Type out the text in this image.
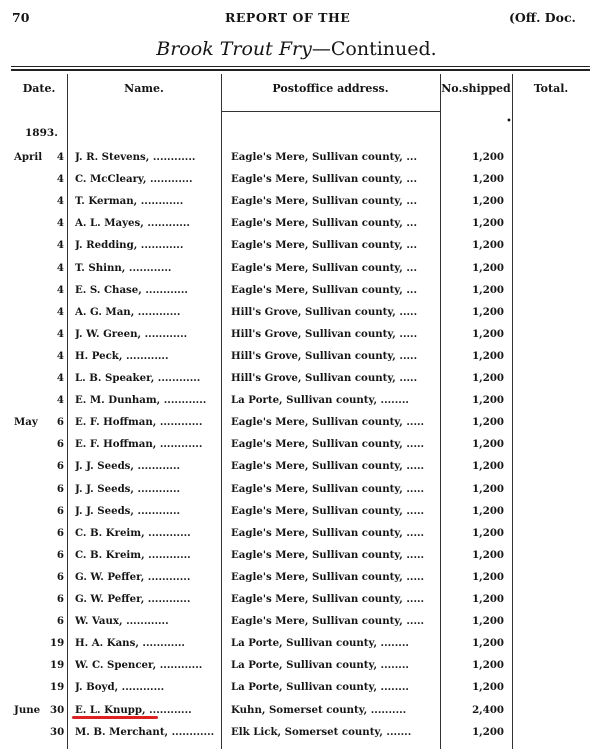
70	REPORT OF THE	(Off. Doc.
Brook Trout Fry—Continued.
Date.	Name.	Postoffice address.	No.shipped	Total.
1893.
•
April	4 J. R. Stevens, ............	Eagle's Mere, Sullivan county, ...	1,200
4 C. McCleary, ............	Eagle's Mere, Sullivan county, ...	1,200
4 T. Kerman, ............	Eagle's Mere, Sullivan county, ...	1,200
4 A. L. Mayes, ............	Eagle's Mere, Sullivan county, ...	1,200
4 J. Redding, ............	Eagle's Mere, Sullivan county, ...	1,200
4 T. Shinn, ............	Eagle's Mere, Sullivan county, ...	1,200
4 E. S. Chase, ............	Eagle's Mere, Sullivan county, ...	1,200
4 A. G. Man, ............	Hill's Grove, Sullivan county, .....	1,200
4 J. W. Green, ............	Hill's Grove, Sullivan county, .....	1,200
4 H. Peck, ............	Hill's Grove, Sullivan county, .....	1,200
4 L. B. Speaker, ............	Hill's Grove, Sullivan county, .....	1,200
4 E. M. Dunham, ............	La Porte, Sullivan county, ........	1,200
May	6 E. F. Hoffman, ............	Eagle's Mere, Sullivan county, .....	1,200
6 E. F. Hoffman, ............	Eagle's Mere, Sullivan county, .....	1,200
6 J. J. Seeds, ............	Eagle's Mere, Sullivan county, .....	1,200
6 J. J. Seeds, ............	Eagle's Mere, Sullivan county, .....	1,200
6 J. J. Seeds, ............	Eagle's Mere, Sullivan county, .....	1,200
6 C. B. Kreim, ............	Eagle's Mere, Sullivan county, .....	1,200
6 C. B. Kreim, ............	Eagle's Mere, Sullivan county, .....	1,200
6 G. W. Peffer, ............	Eagle's Mere, Sullivan county, .....	1,200
6 G. W. Peffer, ............	Eagle's Mere, Sullivan county, .....	1,200
6 W. Vaux, ............	Eagle's Mere, Sullivan county, .....	1,200
19 H. A. Kans, ............	La Porte, Sullivan county, ........	1,200
19 W. C. Spencer, ............	La Porte, Sullivan county, ........	1,200
19 J. Boyd, ............	La Porte, Sullivan county, ........	1,200
June 30 E. L. Knupp, ............	Kuhn, Somerset county, ..........	2,400
30 M. B. Merchant, ............	Elk Lick, Somerset county, .......	1,200
